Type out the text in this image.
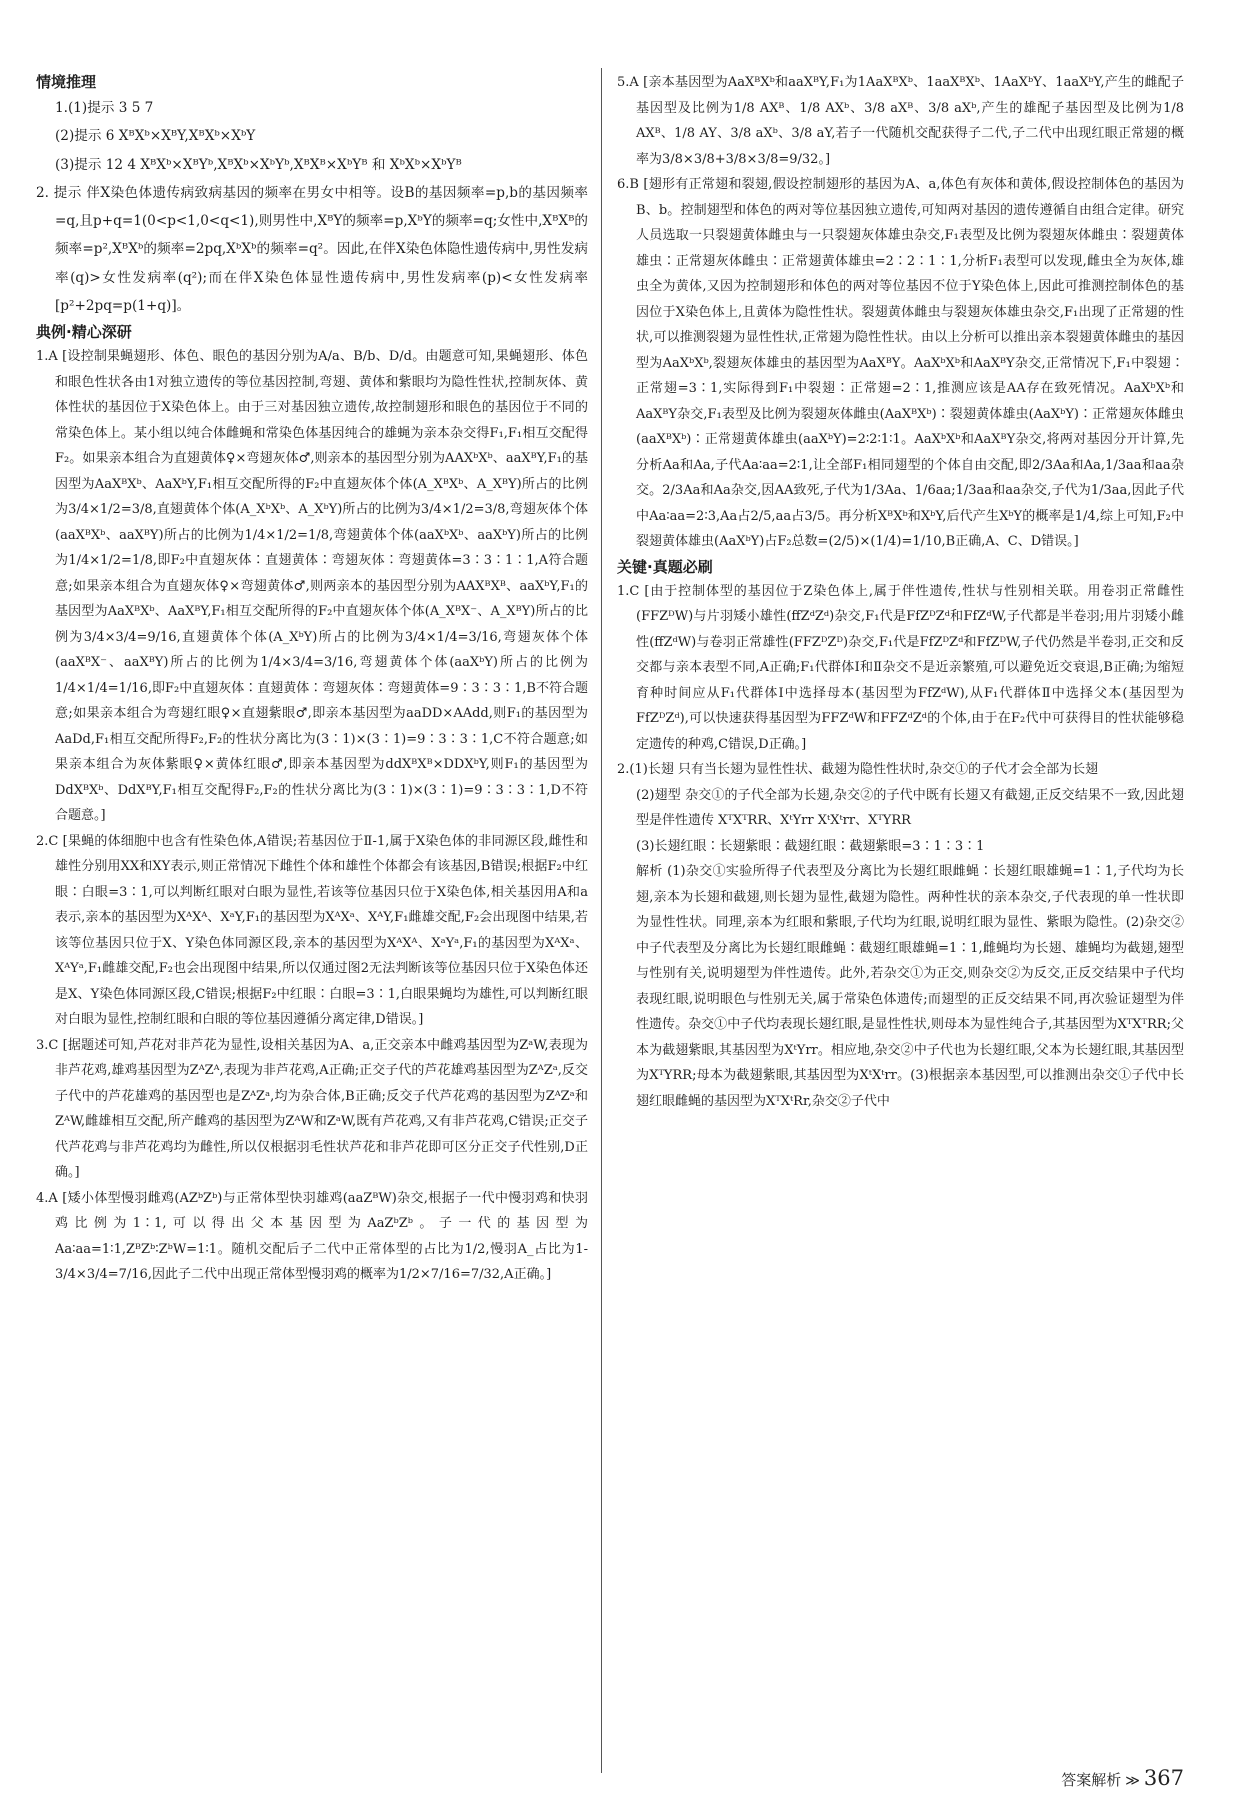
情境推理

1.(1)提示 3 5 7

(2)提示 6 XᴮXᵇ×XᴮY,XᴮXᵇ×XᵇY

(3)提示 12 4 XᴮXᵇ×XᴮYᵇ,XᴮXᵇ×XᵇYᵇ,XᴮXᴮ×XᵇYᴮ 和 XᵇXᵇ×XᵇYᴮ

2. 提示 伴X染色体遗传病致病基因的频率在男女中相等。设B的基因频率=p,b的基因频率=q,且p+q=1(0<p<1,0<q<1),则男性中,XᴮY的频率=p,XᵇY的频率=q;女性中,XᴮXᴮ的频率=p²,XᴮXᵇ的频率=2pq,XᵇXᵇ的频率=q²。因此,在伴X染色体隐性遗传病中,男性发病率(q)>女性发病率(q²);而在伴X染色体显性遗传病中,男性发病率(p)<女性发病率[p²+2pq=p(1+q)]。

典例·精心深研

1.A [设控制果蝇翅形、体色、眼色的基因分别为A/a、B/b、D/d。由题意可知,果蝇翅形、体色和眼色性状各由1对独立遗传的等位基因控制,弯翅、黄体和紫眼均为隐性性状,控制灰体、黄体性状的基因位于X染色体上。由于三对基因独立遗传,故控制翅形和眼色的基因位于不同的常染色体上。某小组以纯合体雌蝇和常染色体基因纯合的雄蝇为亲本杂交得F₁,F₁相互交配得F₂。如果亲本组合为直翅黄体♀×弯翅灰体♂,则亲本的基因型分别为AAXᵇXᵇ、aaXᴮY,F₁的基因型为AaXᴮXᵇ、AaXᵇY,F₁相互交配所得的F₂中直翅灰体个体(A_XᴮXᵇ、A_XᴮY)所占的比例为3/4×1/2=3/8,直翅黄体个体(A_XᵇXᵇ、A_XᵇY)所占的比例为3/4×1/2=3/8,弯翅灰体个体(aaXᴮXᵇ、aaXᴮY)所占的比例为1/4×1/2=1/8,弯翅黄体个体(aaXᵇXᵇ、aaXᵇY)所占的比例为1/4×1/2=1/8,即F₂中直翅灰体∶直翅黄体∶弯翅灰体∶弯翅黄体=3∶3∶1∶1,A符合题意;如果亲本组合为直翅灰体♀×弯翅黄体♂,则两亲本的基因型分别为AAXᴮXᴮ、aaXᵇY,F₁的基因型为AaXᴮXᵇ、AaXᴮY,F₁相互交配所得的F₂中直翅灰体个体(A_XᴮX⁻、A_XᴮY)所占的比例为3/4×3/4=9/16,直翅黄体个体(A_XᵇY)所占的比例为3/4×1/4=3/16,弯翅灰体个体(aaXᴮX⁻、aaXᴮY)所占的比例为1/4×3/4=3/16,弯翅黄体个体(aaXᵇY)所占的比例为1/4×1/4=1/16,即F₂中直翅灰体∶直翅黄体∶弯翅灰体∶弯翅黄体=9∶3∶3∶1,B不符合题意;如果亲本组合为弯翅红眼♀×直翅紫眼♂,即亲本基因型为aaDD×AAdd,则F₁的基因型为AaDd,F₁相互交配所得F₂,F₂的性状分离比为(3∶1)×(3∶1)=9∶3∶3∶1,C不符合题意;如果亲本组合为灰体紫眼♀×黄体红眼♂,即亲本基因型为ddXᴮXᴮ×DDXᵇY,则F₁的基因型为DdXᴮXᵇ、DdXᴮY,F₁相互交配得F₂,F₂的性状分离比为(3∶1)×(3∶1)=9∶3∶3∶1,D不符合题意。]

2.C [果蝇的体细胞中也含有性染色体,A错误;若基因位于Ⅱ-1,属于X染色体的非同源区段,雌性和雄性分别用XX和XY表示,则正常情况下雌性个体和雄性个体都会有该基因,B错误;根据F₂中红眼∶白眼=3∶1,可以判断红眼对白眼为显性,若该等位基因只位于X染色体,相关基因用A和a表示,亲本的基因型为XᴬXᴬ、XᵃY,F₁的基因型为XᴬXᵃ、XᴬY,F₁雌雄交配,F₂会出现图中结果,若该等位基因只位于X、Y染色体同源区段,亲本的基因型为XᴬXᴬ、XᵃYᵃ,F₁的基因型为XᴬXᵃ、XᴬYᵃ,F₁雌雄交配,F₂也会出现图中结果,所以仅通过图2无法判断该等位基因只位于X染色体还是X、Y染色体同源区段,C错误;根据F₂中红眼∶白眼=3∶1,白眼果蝇均为雄性,可以判断红眼对白眼为显性,控制红眼和白眼的等位基因遵循分离定律,D错误。]

3.C [据题述可知,芦花对非芦花为显性,设相关基因为A、a,正交亲本中雌鸡基因型为ZᵃW,表现为非芦花鸡,雄鸡基因型为ZᴬZᴬ,表现为非芦花鸡,A正确;正交子代的芦花雄鸡基因型为ZᴬZᵃ,反交子代中的芦花雄鸡的基因型也是ZᴬZᵃ,均为杂合体,B正确;反交子代芦花鸡的基因型为ZᴬZᵃ和ZᴬW,雌雄相互交配,所产雌鸡的基因型为ZᴬW和ZᵃW,既有芦花鸡,又有非芦花鸡,C错误;正交子代芦花鸡与非芦花鸡均为雌性,所以仅根据羽毛性状芦花和非芦花即可区分正交子代性别,D正确。]

4.A [矮小体型慢羽雌鸡(AZᵇZᵇ)与正常体型快羽雄鸡(aaZᴮW)杂交,根据子一代中慢羽鸡和快羽鸡比例为1∶1,可以得出父本基因型为AaZᵇZᵇ。子一代的基因型为Aa∶aa=1∶1,ZᴮZᵇ∶ZᵇW=1∶1。随机交配后子二代中正常体型的占比为1/2,慢羽A_占比为1-3/4×3/4=7/16,因此子二代中出现正常体型慢羽鸡的概率为1/2×7/16=7/32,A正确。]

5.A [亲本基因型为AaXᴮXᵇ和aaXᴮY,F₁为1AaXᴮXᵇ、1aaXᴮXᵇ、1AaXᵇY、1aaXᵇY,产生的雌配子基因型及比例为1/8 AXᴮ、1/8 AXᵇ、3/8 aXᴮ、3/8 aXᵇ,产生的雄配子基因型及比例为1/8 AXᴮ、1/8 AY、3/8 aXᵇ、3/8 aY,若子一代随机交配获得子二代,子二代中出现红眼正常翅的概率为3/8×3/8+3/8×3/8=9/32。]

6.B [翅形有正常翅和裂翅,假设控制翅形的基因为A、a,体色有灰体和黄体,假设控制体色的基因为B、b。控制翅型和体色的两对等位基因独立遗传,可知两对基因的遗传遵循自由组合定律。研究人员选取一只裂翅黄体雌虫与一只裂翅灰体雄虫杂交,F₁表型及比例为裂翅灰体雌虫∶裂翅黄体雄虫∶正常翅灰体雌虫∶正常翅黄体雄虫=2∶2∶1∶1,分析F₁表型可以发现,雌虫全为灰体,雄虫全为黄体,又因为控制翅形和体色的两对等位基因不位于Y染色体上,因此可推测控制体色的基因位于X染色体上,且黄体为隐性性状。裂翅黄体雌虫与裂翅灰体雄虫杂交,F₁出现了正常翅的性状,可以推测裂翅为显性性状,正常翅为隐性性状。由以上分析可以推出亲本裂翅黄体雌虫的基因型为AaXᵇXᵇ,裂翅灰体雄虫的基因型为AaXᴮY。AaXᵇXᵇ和AaXᴮY杂交,正常情况下,F₁中裂翅∶正常翅=3∶1,实际得到F₁中裂翅∶正常翅=2∶1,推测应该是AA存在致死情况。AaXᵇXᵇ和AaXᴮY杂交,F₁表型及比例为裂翅灰体雌虫(AaXᴮXᵇ)∶裂翅黄体雄虫(AaXᵇY)∶正常翅灰体雌虫(aaXᴮXᵇ)∶正常翅黄体雄虫(aaXᵇY)=2∶2∶1∶1。AaXᵇXᵇ和AaXᴮY杂交,将两对基因分开计算,先分析Aa和Aa,子代Aa∶aa=2∶1,让全部F₁相同翅型的个体自由交配,即2/3Aa和Aa,1/3aa和aa杂交。2/3Aa和Aa杂交,因AA致死,子代为1/3Aa、1/6aa;1/3aa和aa杂交,子代为1/3aa,因此子代中Aa∶aa=2∶3,Aa占2/5,aa占3/5。再分析XᴮXᵇ和XᵇY,后代产生XᵇY的概率是1/4,综上可知,F₂中裂翅黄体雄虫(AaXᵇY)占F₂总数=(2/5)×(1/4)=1/10,B正确,A、C、D错误。]

关键·真题必刷

1.C [由于控制体型的基因位于Z染色体上,属于伴性遗传,性状与性别相关联。用卷羽正常雌性(FFZᴰW)与片羽矮小雄性(ffZᵈZᵈ)杂交,F₁代是FfZᴰZᵈ和FfZᵈW,子代都是半卷羽;用片羽矮小雌性(ffZᵈW)与卷羽正常雄性(FFZᴰZᴰ)杂交,F₁代是FfZᴰZᵈ和FfZᴰW,子代仍然是半卷羽,正交和反交都与亲本表型不同,A正确;F₁代群体Ⅰ和Ⅱ杂交不是近亲繁殖,可以避免近交衰退,B正确;为缩短育种时间应从F₁代群体Ⅰ中选择母本(基因型为FfZᵈW),从F₁代群体Ⅱ中选择父本(基因型为FfZᴰZᵈ),可以快速获得基因型为FFZᵈW和FFZᵈZᵈ的个体,由于在F₂代中可获得目的性状能够稳定遗传的种鸡,C错误,D正确。]

2.(1)长翅 只有当长翅为显性性状、截翅为隐性性状时,杂交①的子代才会全部为长翅

(2)翅型 杂交①的子代全部为长翅,杂交②的子代中既有长翅又有截翅,正反交结果不一致,因此翅型是伴性遗传 XᵀXᵀRR、XᵗYrr XᵗXᵗrr、XᵀYRR

(3)长翅红眼∶长翅紫眼∶截翅红眼∶截翅紫眼=3∶1∶3∶1

解析 (1)杂交①实验所得子代表型及分离比为长翅红眼雌蝇∶长翅红眼雄蝇=1∶1,子代均为长翅,亲本为长翅和截翅,则长翅为显性,截翅为隐性。两种性状的亲本杂交,子代表现的单一性状即为显性性状。同理,亲本为红眼和紫眼,子代均为红眼,说明红眼为显性、紫眼为隐性。(2)杂交②中子代表型及分离比为长翅红眼雌蝇∶截翅红眼雄蝇=1∶1,雌蝇均为长翅、雄蝇均为截翅,翅型与性别有关,说明翅型为伴性遗传。此外,若杂交①为正交,则杂交②为反交,正反交结果中子代均表现红眼,说明眼色与性别无关,属于常染色体遗传;而翅型的正反交结果不同,再次验证翅型为伴性遗传。杂交①中子代均表现长翅红眼,是显性性状,则母本为显性纯合子,其基因型为XᵀXᵀRR;父本为截翅紫眼,其基因型为XᵗYrr。相应地,杂交②中子代也为长翅红眼,父本为长翅红眼,其基因型为XᵀYRR;母本为截翅紫眼,其基因型为XᵗXᵗrr。(3)根据亲本基因型,可以推测出杂交①子代中长翅红眼雌蝇的基因型为XᵀXᵗRr,杂交②子代中

答案解析 ≫ 367
